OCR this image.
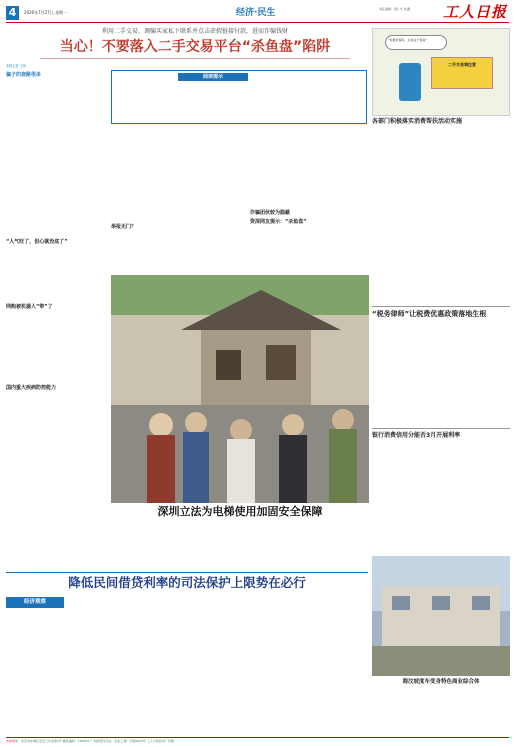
4	2020年7月27日 星期一	经济·民生	责任编辑：胡仁巧 杜鑫 工人日报
利用二手交易、调骗买家私下联系并点击虚假链接付款，进而诈骗钱财
当心！不要落入二手交易平台“杀鱼盘”陷阱	“你要退保吗，点我这个链接”
二手交易请注意
本报记者 王伟
骗子的套路很多
“人气旺了，但心就没底了”
网购被机器人“带”了
国内重大疾病防控能力
阅读提示
诈骗团伙较为隐蔽
资深网友提示：“杀鱼盘”
举报无门？
深圳立法为电梯使用加固安全保障
各部门积极落实消费帮扶活动实施
“税务律师”让税费优惠政策落地生根
银行消费信用分能否3月开展利率
海汶坡度车变身特色商业综合体
降低民间借贷利率的司法保护上限势在必行
经济观察
本版地址：北京市东城区安定门外北里1号 邮政编码：100011 广告经营许可证：京东工商广字第0047号 工人日报社印厂印刷
